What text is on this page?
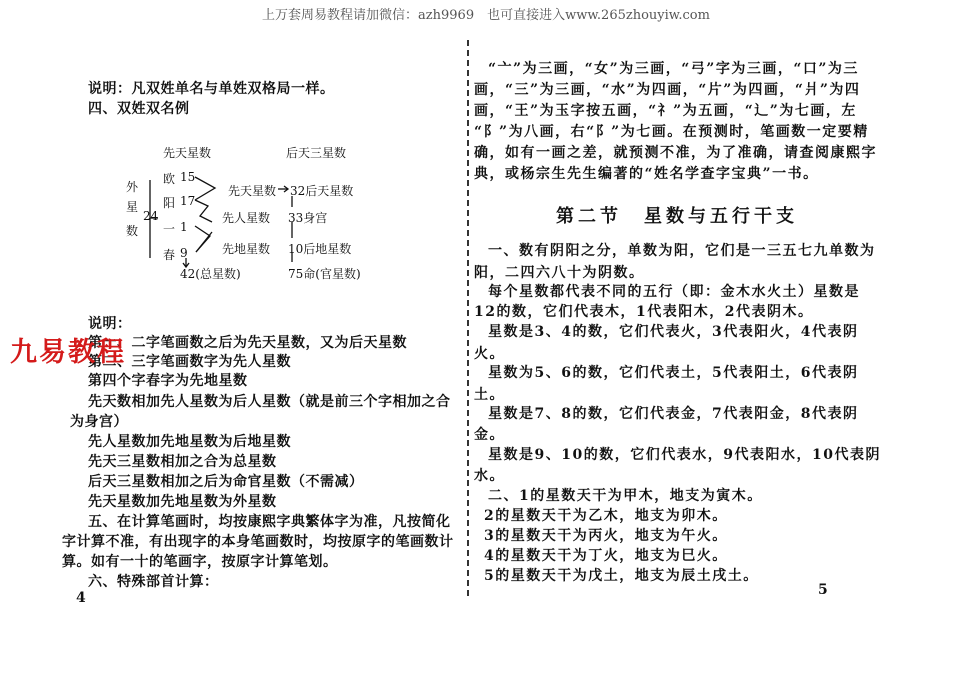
上万套周易教程请加微信：azh9969　也可直接进入www.265zhouyiw.com
说明：凡双姓单名与单姓双格局一样。
四、双姓双名例
先天星数	后天三星数
外
星
数
24
欧 15
阳 17
一 1
春 9
42(总星数)
先天星数
先人星数
先地星数
32后天星数
33身宫
10后地星数
75命(官星数)
说明：
第一、二字笔画数之后为先天星数，又为后天星数
第二、三字笔画数字为先人星数
第四个字春字为先地星数
先天数相加先人星数为后人星数（就是前三个字相加之合
为身宫）
先人星数加先地星数为后地星数
先天三星数相加之合为总星数
后天三星数相加之后为命官星数（不需减）
先天星数加先地星数为外星数
五、在计算笔画时，均按康熙字典繁体字为准，凡按简化
字计算不准，有出现字的本身笔画数时，均按原字的笔画数计
算。如有一十的笔画字，按原字计算笔划。
六、特殊部首计算：
4
九易教程
“亠”为三画，“女”为三画，“弓”字为三画，“口”为三
画，“三”为三画，“水”为四画，“片”为四画，“爿”为四
画，“王”为玉字按五画，“礻”为五画，“辶”为七画，左
“阝”为八画，右“阝”为七画。在预测时，笔画数一定要精
确，如有一画之差，就预测不准，为了准确，请查阅康熙字
典，或杨宗生先生编著的“姓名学查字宝典”一书。
第二节　星数与五行干支
一、数有阴阳之分，单数为阳，它们是一三五七九单数为
阳，二四六八十为阴数。
每个星数都代表不同的五行（即：金木水火土）星数是
12的数，它们代表木，1代表阳木，2代表阴木。
星数是3、4的数，它们代表火，3代表阳火，4代表阴
火。
星数为5、6的数，它们代表土，5代表阳土，6代表阴
土。
星数是7、8的数，它们代表金，7代表阳金，8代表阴
金。
星数是9、10的数，它们代表水，9代表阳水，10代表阴
水。
二、1的星数天干为甲木，地支为寅木。
2的星数天干为乙木，地支为卯木。
3的星数天干为丙火，地支为午火。
4的星数天干为丁火，地支为巳火。
5的星数天干为戊土，地支为辰土戌土。
5
